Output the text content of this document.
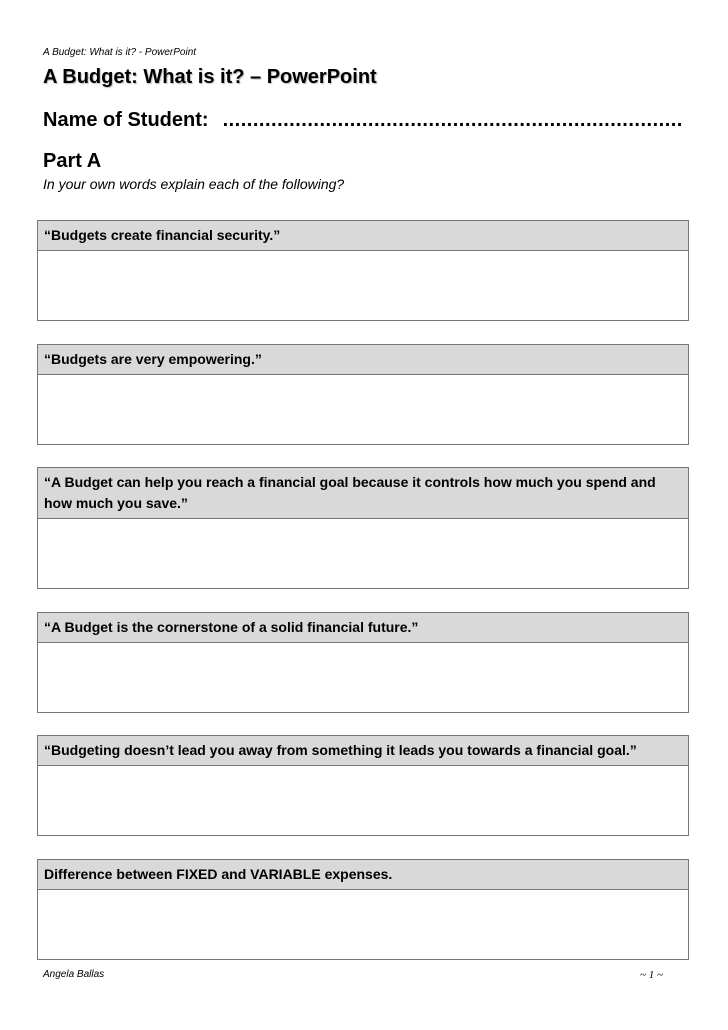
A Budget: What is it? - PowerPoint
A Budget: What is it? – PowerPoint
Name of Student: ............................................................................
Part A
In your own words explain each of the following?
“Budgets create financial security.”
“Budgets are very empowering.”
“A Budget can help you reach a financial goal because it controls how much you spend and how much you save.”
“A Budget is the cornerstone of a solid financial future.”
“Budgeting doesn’t lead you away from something it leads you towards a financial goal.”
Difference between FIXED and VARIABLE expenses.
Angela Ballas	~ 1 ~
